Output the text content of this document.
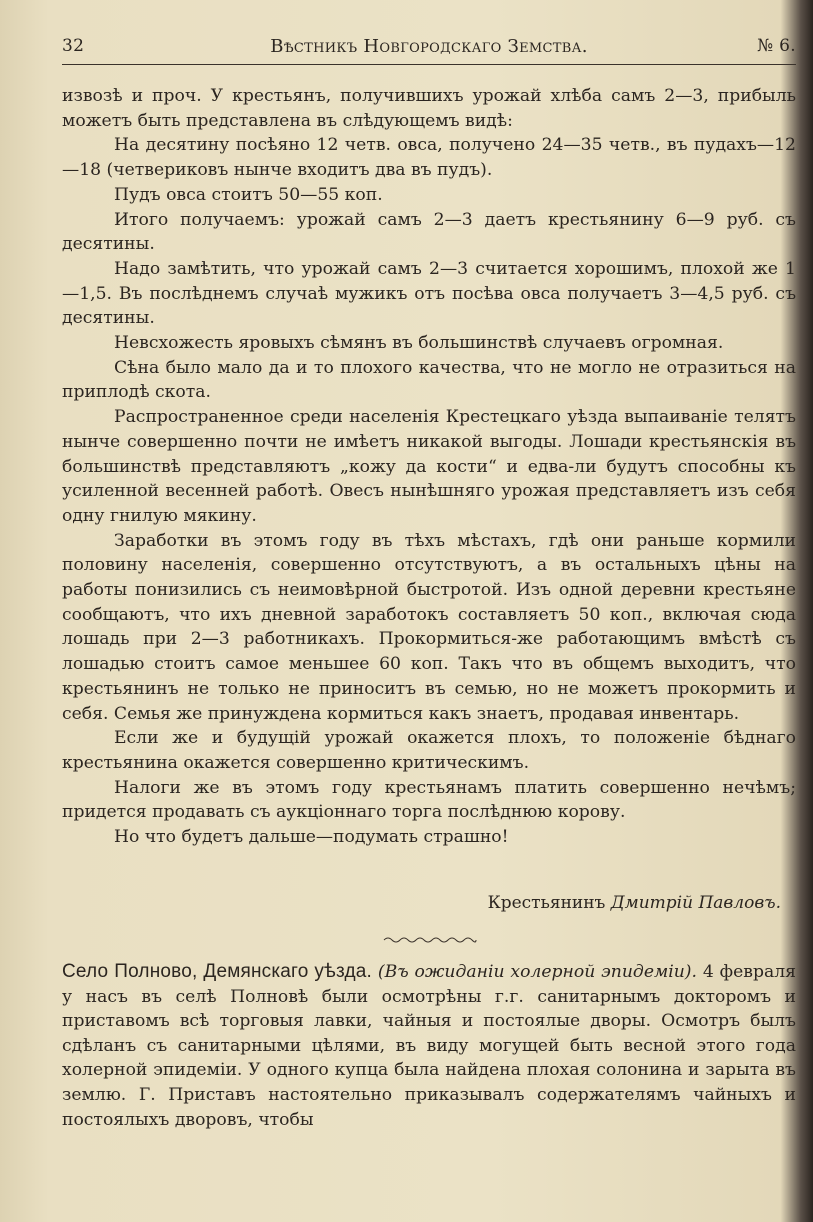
32	Вѣстникъ Новгородскаго Земства.	№ 6.

извозѣ и проч. У крестьянъ, получившихъ урожай хлѣба самъ 2—3, прибыль можетъ быть представлена въ слѣдующемъ видѣ:

На десятину посѣяно 12 четв. овса, получено 24—35 четв., въ пудахъ—12—18 (четвериковъ нынче входитъ два въ пудъ).

Пудъ овса стоитъ 50—55 коп.

Итого получаемъ: урожай самъ 2—3 даетъ крестьянину 6—9 руб. съ десятины.

Надо замѣтить, что урожай самъ 2—3 считается хорошимъ, плохой же 1—1,5. Въ послѣднемъ случаѣ мужикъ отъ посѣва овса получаетъ 3—4,5 руб. съ десятины.

Невсхожесть яровыхъ сѣмянъ въ большинствѣ случаевъ огромная.

Сѣна было мало да и то плохого качества, что не могло не отразиться на приплодѣ скота.

Распространенное среди населенія Крестецкаго уѣзда выпаиваніе телятъ нынче совершенно почти не имѣетъ никакой выгоды. Лошади крестьянскія въ большинствѣ представляютъ „кожу да кости“ и едва-ли будутъ способны къ усиленной весенней работѣ. Овесъ нынѣшняго урожая представляетъ изъ себя одну гнилую мякину.

Заработки въ этомъ году въ тѣхъ мѣстахъ, гдѣ они раньше кормили половину населенія, совершенно отсутствуютъ, а въ остальныхъ цѣны на работы понизились съ неимовѣрной быстротой. Изъ одной деревни крестьяне сообщаютъ, что ихъ дневной заработокъ составляетъ 50 коп., включая сюда лошадь при 2—3 работникахъ. Прокормиться-же работающимъ вмѣстѣ съ лошадью стоитъ самое меньшее 60 коп. Такъ что въ общемъ выходитъ, что крестьянинъ не только не приноситъ въ семью, но не можетъ прокормить и себя. Семья же принуждена кормиться какъ знаетъ, продавая инвентарь.

Если же и будущій урожай окажется плохъ, то положеніе бѣднаго крестьянина окажется совершенно критическимъ.

Налоги же въ этомъ году крестьянамъ платить совершенно нечѣмъ; придется продавать съ аукціоннаго торга послѣднюю корову.

Но что будетъ дальше—подумать страшно!

Крестьянинъ Дмитрій Павловъ.

Село Полново, Демянскаго уѣзда. (Въ ожиданіи холерной эпидеміи). 4 февраля у насъ въ селѣ Полновѣ были осмотрѣны г.г. санитарнымъ докторомъ и приставомъ всѣ торговыя лавки, чайныя и постоялые дворы. Осмотръ былъ сдѣланъ съ санитарными цѣлями, въ виду могущей быть весной этого года холерной эпидеміи. У одного купца была найдена плохая солонина и зарыта въ землю. Г. Приставъ настоятельно приказывалъ содержателямъ чайныхъ и постоялыхъ дворовъ, чтобы
